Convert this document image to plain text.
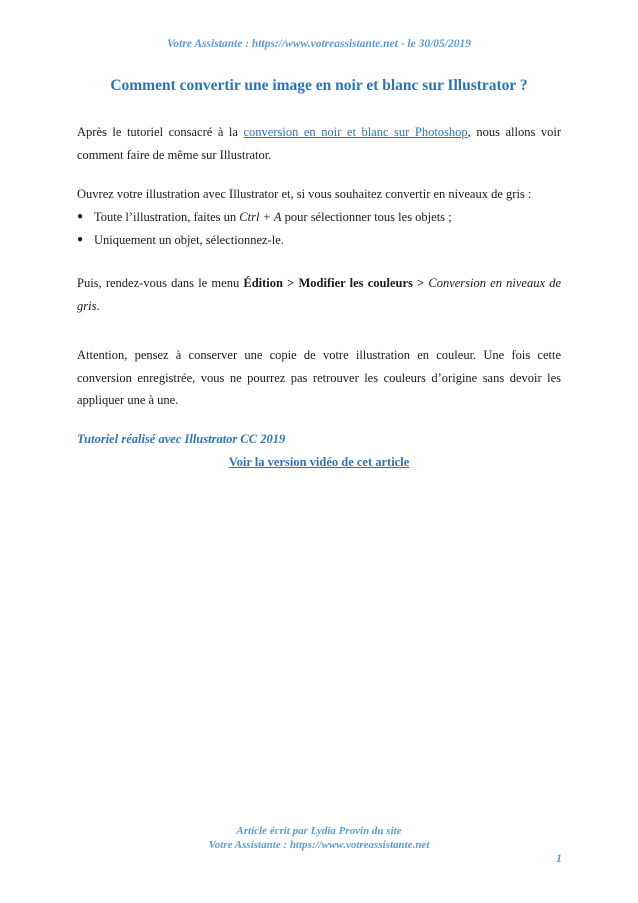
Votre Assistante : https://www.votreassistante.net - le 30/05/2019
Comment convertir une image en noir et blanc sur Illustrator ?
Après le tutoriel consacré à la conversion en noir et blanc sur Photoshop, nous allons voir comment faire de même sur Illustrator.
Ouvrez votre illustration avec Illustrator et, si vous souhaitez convertir en niveaux de gris :
● Toute l’illustration, faites un Ctrl + A pour sélectionner tous les objets ;
● Uniquement un objet, sélectionnez-le.
Puis, rendez-vous dans le menu Édition > Modifier les couleurs > Conversion en niveaux de gris.
Attention, pensez à conserver une copie de votre illustration en couleur. Une fois cette conversion enregistrée, vous ne pourrez pas retrouver les couleurs d’origine sans devoir les appliquer une à une.
Tutoriel réalisé avec Illustrator CC 2019
Voir la version vidéo de cet article
Article écrit par Lydia Provin du site
Votre Assistante : https://www.votreassistante.net
1
